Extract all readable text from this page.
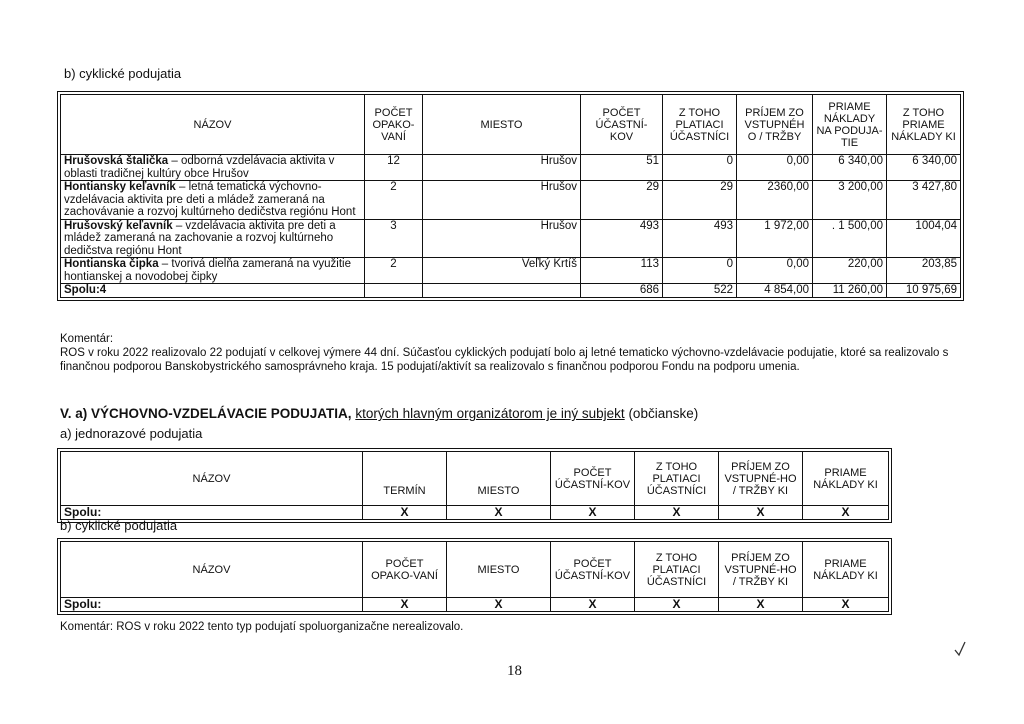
b) cyklické podujatia
NÁZOV	POČET OPAKO-VANÍ	MIESTO	POČET ÚČASTNÍ-KOV	Z TOHO PLATIACI ÚČASTNÍCI	PRÍJEM ZO VSTUPNÉH O / TRŽBY	PRIAME NÁKLADY NA PODUJA-TIE	Z TOHO PRIAME NÁKLADY KI
Hrušovská štalička – odborná vzdelávacia aktivita v oblasti tradičnej kultúry obce Hrušov	12	Hrušov	51	0	0,00	6 340,00	6 340,00
Hontiansky keľavník – letná tematická výchovno-vzdelávacia aktivita pre deti a mládež zameraná na zachovávanie a rozvoj kultúrneho dedičstva regiónu Hont	2	Hrušov	29	29	2360,00	3 200,00	3 427,80
Hrušovský keľavník – vzdelávacia aktivita pre deti a mládež zameraná na zachovanie a rozvoj kultúrneho dedičstva regiónu Hont	3	Hrušov	493	493	1 972,00	. 1 500,00	1004,04
Hontianska čipka – tvorivá dielňa zameraná na využitie hontianskej a novodobej čipky	2	Veľký Krtíš	113	0	0,00	220,00	203,85
Spolu:4			686	522	4 854,00	11 260,00	10 975,69
Komentár:
ROS v roku 2022 realizovalo 22 podujatí v celkovej výmere 44 dní. Súčasťou cyklických podujatí bolo aj letné tematicko výchovno-vzdelávacie podujatie, ktoré sa realizovalo s finančnou podporou Banskobystrického samosprávneho kraja. 15 podujatí/aktivít sa realizovalo s finančnou podporou Fondu na podporu umenia.
V. a) VÝCHOVNO-VZDELÁVACIE PODUJATIA, ktorých hlavným organizátorom je iný subjekt (občianske)
a) jednorazové podujatia
NÁZOV	TERMÍN	MIESTO	POČET ÚČASTNÍ-KOV	Z TOHO PLATIACI ÚČASTNÍCI	PRÍJEM ZO VSTUPNÉ-HO / TRŽBY KI	PRIAME NÁKLADY KI
Spolu:	X	X	X	X	X	X
b) cyklické podujatia
NÁZOV	POČET OPAKO-VANÍ	MIESTO	POČET ÚČASTNÍ-KOV	Z TOHO PLATIACI ÚČASTNÍCI	PRÍJEM ZO VSTUPNÉ-HO / TRŽBY KI	PRIAME NÁKLADY KI
Spolu:	X	X	X	X	X	X
Komentár: ROS v roku 2022 tento typ podujatí spoluorganizačne nerealizovalo.
18
